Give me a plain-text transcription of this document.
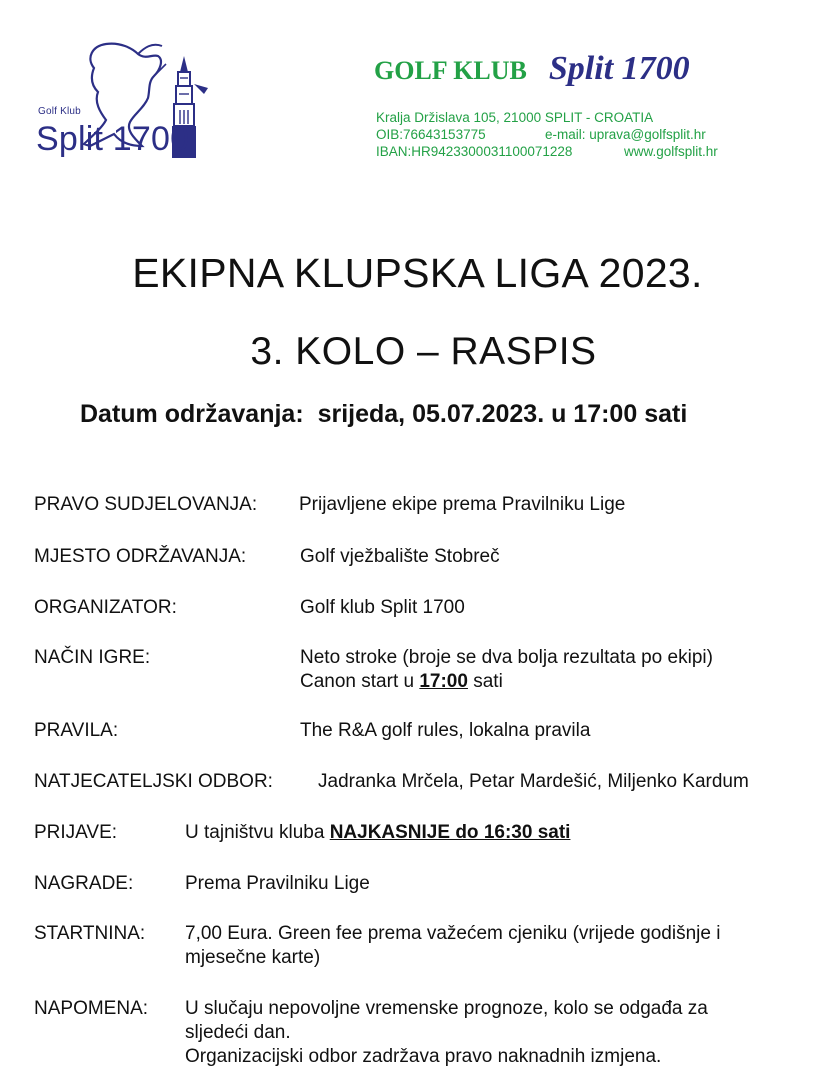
Golf Klub
Split 1700
GOLF KLUB Split 1700
Kralja Držislava 105, 21000 SPLIT - CROATIA
OIB:76643153775	e-mail: uprava@golfsplit.hr
IBAN:HR9423300031100071228	www.golfsplit.hr
EKIPNA KLUPSKA LIGA 2023.
3. KOLO – RASPIS
Datum održavanja: srijeda, 05.07.2023. u 17:00 sati
PRAVO SUDJELOVANJA: Prijavljene ekipe prema Pravilniku Lige
MJESTO ODRŽAVANJA:	Golf vježbalište Stobreč
ORGANIZATOR:	Golf klub Split 1700
NAČIN IGRE:	Neto stroke (broje se dva bolja rezultata po ekipi)
Canon start u 17:00 sati
PRAVILA:	The R&A golf rules, lokalna pravila
NATJECATELJSKI ODBOR: Jadranka Mrčela, Petar Mardešić, Miljenko Kardum
PRIJAVE:	U tajništvu kluba NAJKASNIJE do 16:30 sati
NAGRADE:	Prema Pravilniku Lige
STARTNINA: 7,00 Eura. Green fee prema važećem cjeniku (vrijede godišnje i
mjesečne karte)
NAPOMENA: U slučaju nepovoljne vremenske prognoze, kolo se odgađa za
sljedeći dan.
Organizacijski odbor zadržava pravo naknadnih izmjena.
